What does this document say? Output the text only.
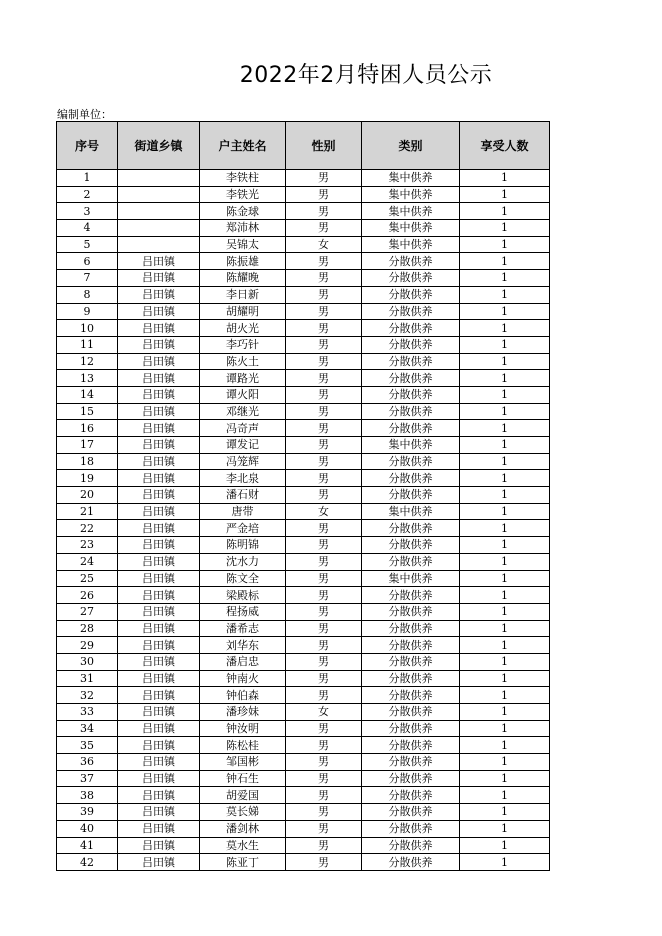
2022年2月特困人员公示
编制单位：
序号	街道乡镇	户主姓名	性别	类别	享受人数
1		李铁柱	男	集中供养	1
2		李铁光	男	集中供养	1
3		陈金球	男	集中供养	1
4		郑沛林	男	集中供养	1
5		吴锦太	女	集中供养	1
6	吕田镇	陈振雄	男	分散供养	1
7	吕田镇	陈耀晚	男	分散供养	1
8	吕田镇	李日新	男	分散供养	1
9	吕田镇	胡耀明	男	分散供养	1
10	吕田镇	胡火光	男	分散供养	1
11	吕田镇	李巧针	男	分散供养	1
12	吕田镇	陈火土	男	分散供养	1
13	吕田镇	谭路光	男	分散供养	1
14	吕田镇	谭火阳	男	分散供养	1
15	吕田镇	邓继光	男	分散供养	1
16	吕田镇	冯奇声	男	分散供养	1
17	吕田镇	谭发记	男	集中供养	1
18	吕田镇	冯笼辉	男	分散供养	1
19	吕田镇	李北泉	男	分散供养	1
20	吕田镇	潘石财	男	分散供养	1
21	吕田镇	唐带	女	集中供养	1
22	吕田镇	严金培	男	分散供养	1
23	吕田镇	陈明锦	男	分散供养	1
24	吕田镇	沈水力	男	分散供养	1
25	吕田镇	陈文全	男	集中供养	1
26	吕田镇	梁殿标	男	分散供养	1
27	吕田镇	程扬威	男	分散供养	1
28	吕田镇	潘希志	男	分散供养	1
29	吕田镇	刘华东	男	分散供养	1
30	吕田镇	潘启忠	男	分散供养	1
31	吕田镇	钟南火	男	分散供养	1
32	吕田镇	钟伯森	男	分散供养	1
33	吕田镇	潘珍妹	女	分散供养	1
34	吕田镇	钟汝明	男	分散供养	1
35	吕田镇	陈松桂	男	分散供养	1
36	吕田镇	邹国彬	男	分散供养	1
37	吕田镇	钟石生	男	分散供养	1
38	吕田镇	胡爱国	男	分散供养	1
39	吕田镇	莫长娣	男	分散供养	1
40	吕田镇	潘剑林	男	分散供养	1
41	吕田镇	莫水生	男	分散供养	1
42	吕田镇	陈亚丁	男	分散供养	1
